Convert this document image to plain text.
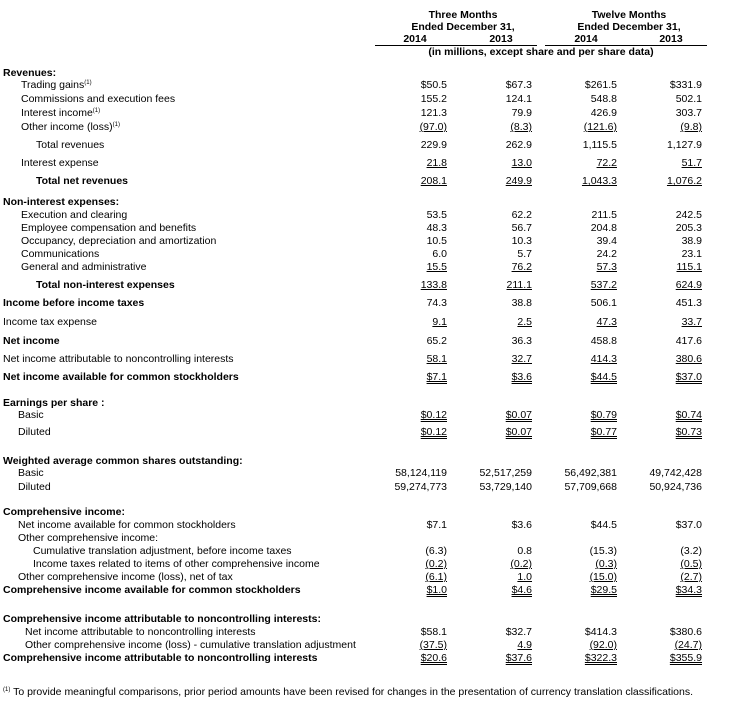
Three Months
Ended December 31,
Twelve Months
Ended December 31,
2014	2013	2014	2013
(in millions, except share and per share data)
Revenues:
Trading gains$^{(1)}$	$50.5	$67.3	$261.5	$331.9
Commissions and execution fees	155.2	124.1	548.8	502.1
Interest income$^{(1)}$	121.3	79.9	426.9	303.7
Other income (loss)$^{(1)}$	(97.0)	(8.3)	(121.6)	(9.8)
Total revenues	229.9	262.9	1,115.5	1,127.9
Interest expense	21.8	13.0	72.2	51.7
Total net revenues	208.1	249.9	1,043.3	1,076.2
Non-interest expenses:
Execution and clearing	53.5	62.2	211.5	242.5
Employee compensation and benefits	48.3	56.7	204.8	205.3
Occupancy, depreciation and amortization	10.5	10.3	39.4	38.9
Communications	6.0	5.7	24.2	23.1
General and administrative	15.5	76.2	57.3	115.1
Total non-interest expenses	133.8	211.1	537.2	624.9
Income before income taxes	74.3	38.8	506.1	451.3
Income tax expense	9.1	2.5	47.3	33.7
Net income	65.2	36.3	458.8	417.6
Net income attributable to noncontrolling interests	58.1	32.7	414.3	380.6
Net income available for common stockholders	$7.1	$3.6	$44.5	$37.0
Earnings per share :
Basic	$0.12	$0.07	$0.79	$0.74
Diluted	$0.12	$0.07	$0.77	$0.73
Weighted average common shares outstanding:
Basic	58,124,119	52,517,259	56,492,381	49,742,428
Diluted	59,274,773	53,729,140	57,709,668	50,924,736
Comprehensive income:
Net income available for common stockholders	$7.1	$3.6	$44.5	$37.0
Other comprehensive income:
Cumulative translation adjustment, before income taxes	(6.3)	0.8	(15.3)	(3.2)
Income taxes related to items of other comprehensive income	(0.2)	(0.2)	(0.3)	(0.5)
Other comprehensive income (loss), net of tax	(6.1)	1.0	(15.0)	(2.7)
Comprehensive income available for common stockholders	$1.0	$4.6	$29.5	$34.3
Comprehensive income attributable to noncontrolling interests:
Net income attributable to noncontrolling interests	$58.1	$32.7	$414.3	$380.6
Other comprehensive income (loss) - cumulative translation adjustment	(37.5)	4.9	(92.0)	(24.7)
Comprehensive income attributable to noncontrolling interests	$20.6	$37.6	$322.3	$355.9
$^{(1)}$ To provide meaningful comparisons, prior period amounts have been revised for changes in the presentation of currency translation classifications.
